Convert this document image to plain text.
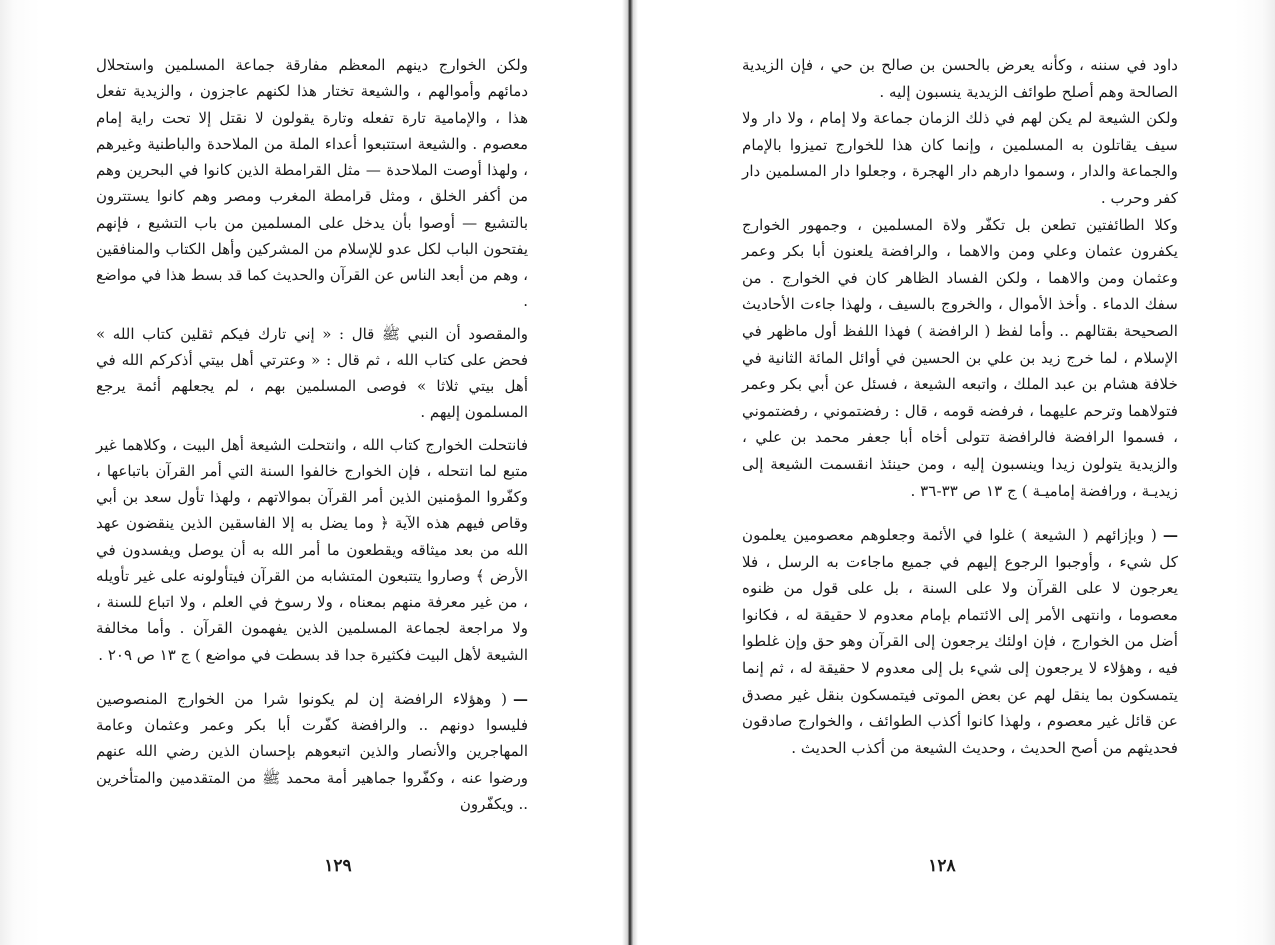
ولكن الخوارج دينهم المعظم مفارقة جماعة المسلمين واستحلال دمائهم وأموالهم ، والشيعة تختار هذا لكنهم عاجزون ، والزيدية تفعل هذا ، والإمامية تارة تفعله وتارة يقولون لا نقتل إلا تحت راية إمام معصوم . والشيعة استتبعوا أعداء الملة من الملاحدة والباطنية وغيرهم ، ولهذا أوصت الملاحدة — مثل القرامطة الذين كانوا في البحرين وهم من أكفر الخلق ، ومثل قرامطة المغرب ومصر وهم كانوا يستترون بالتشيع — أوصوا بأن يدخل على المسلمين من باب التشيع ، فإنهم يفتحون الباب لكل عدو للإسلام من المشركين وأهل الكتاب والمنافقين ، وهم من أبعد الناس عن القرآن والحديث كما قد بسط هذا في مواضع .

والمقصود أن النبي ﷺ قال : « إني تارك فيكم ثقلين كتاب الله » فحض على كتاب الله ، ثم قال : « وعترتي أهل بيتي أذكركم الله في أهل بيتي ثلاثا » فوصى المسلمين بهم ، لم يجعلهم أئمة يرجع المسلمون إليهم .

فانتحلت الخوارج كتاب الله ، وانتحلت الشيعة أهل البيت ، وكلاهما غير متبع لما انتحله ، فإن الخوارج خالفوا السنة التي أمر القرآن باتباعها ، وكفّروا المؤمنين الذين أمر القرآن بموالاتهم ، ولهذا تأول سعد بن أبي وقاص فيهم هذه الآية ﴿ وما يضل به إلا الفاسقين الذين ينقضون عهد الله من بعد ميثاقه ويقطعون ما أمر الله به أن يوصل ويفسدون في الأرض ﴾ وصاروا يتتبعون المتشابه من القرآن فيتأولونه على غير تأويله ، من غير معرفة منهم بمعناه ، ولا رسوخ في العلم ، ولا اتباع للسنة ، ولا مراجعة لجماعة المسلمين الذين يفهمون القرآن . وأما مخالفة الشيعة لأهل البيت فكثيرة جدا قد بسطت في مواضع ) ج ١٣ ص ٢٠٩ .

—( وهؤلاء الرافضة إن لم يكونوا شرا من الخوارج المنصوصين فليسوا دونهم .. والرافضة كفّرت أبا بكر وعمر وعثمان وعامة المهاجرين والأنصار والذين اتبعوهم بإحسان الذين رضي الله عنهم ورضوا عنه ، وكفّروا جماهير أمة محمد ﷺ من المتقدمين والمتأخرين .. ويكفّرون

١٢٩

داود في سننه ، وكأنه يعرض بالحسن بن صالح بن حي ، فإن الزيدية الصالحة وهم أصلح طوائف الزيدية ينسبون إليه .

ولكن الشيعة لم يكن لهم في ذلك الزمان جماعة ولا إمام ، ولا دار ولا سيف يقاتلون به المسلمين ، وإنما كان هذا للخوارج تميزوا بالإمام والجماعة والدار ، وسموا دارهم دار الهجرة ، وجعلوا دار المسلمين دار كفر وحرب .

وكلا الطائفتين تطعن بل تكفّر ولاة المسلمين ، وجمهور الخوارج يكفرون عثمان وعلي ومن والاهما ، والرافضة يلعنون أبا بكر وعمر وعثمان ومن والاهما ، ولكن الفساد الظاهر كان في الخوارج . من سفك الدماء . وأخذ الأموال ، والخروج بالسيف ، ولهذا جاءت الأحاديث الصحيحة بقتالهم .. وأما لفظ ( الرافضة ) فهذا اللفظ أول ماظهر في الإسلام ، لما خرج زيد بن علي بن الحسين في أوائل المائة الثانية في خلافة هشام بن عبد الملك ، واتبعه الشيعة ، فسئل عن أبي بكر وعمر فتولاهما وترحم عليهما ، فرفضه قومه ، قال : رفضتموني ، رفضتموني ، فسموا الرافضة فالرافضة تتولى أخاه أبا جعفر محمد بن علي ، والزيدية يتولون زيدا وينسبون إليه ، ومن حينئذ انقسمت الشيعة إلى زيديـة ، ورافضة إماميـة ) ج ١٣ ص ٣٣-٣٦ .

—( وبإزائهم ( الشيعة ) غلوا في الأئمة وجعلوهم معصومين يعلمون كل شيء ، وأوجبوا الرجوع إليهم في جميع ماجاءت به الرسل ، فلا يعرجون لا على القرآن ولا على السنة ، بل على قول من ظنوه معصوما ، وانتهى الأمر إلى الائتمام بإمام معدوم لا حقيقة له ، فكانوا أضل من الخوارج ، فإن اولئك يرجعون إلى القرآن وهو حق وإن غلطوا فيه ، وهؤلاء لا يرجعون إلى شيء بل إلى معدوم لا حقيقة له ، ثم إنما يتمسكون بما ينقل لهم عن بعض الموتى فيتمسكون بنقل غير مصدق عن قائل غير معصوم ، ولهذا كانوا أكذب الطوائف ، والخوارج صادقون فحديثهم من أصح الحديث ، وحديث الشيعة من أكذب الحديث .

١٢٨
